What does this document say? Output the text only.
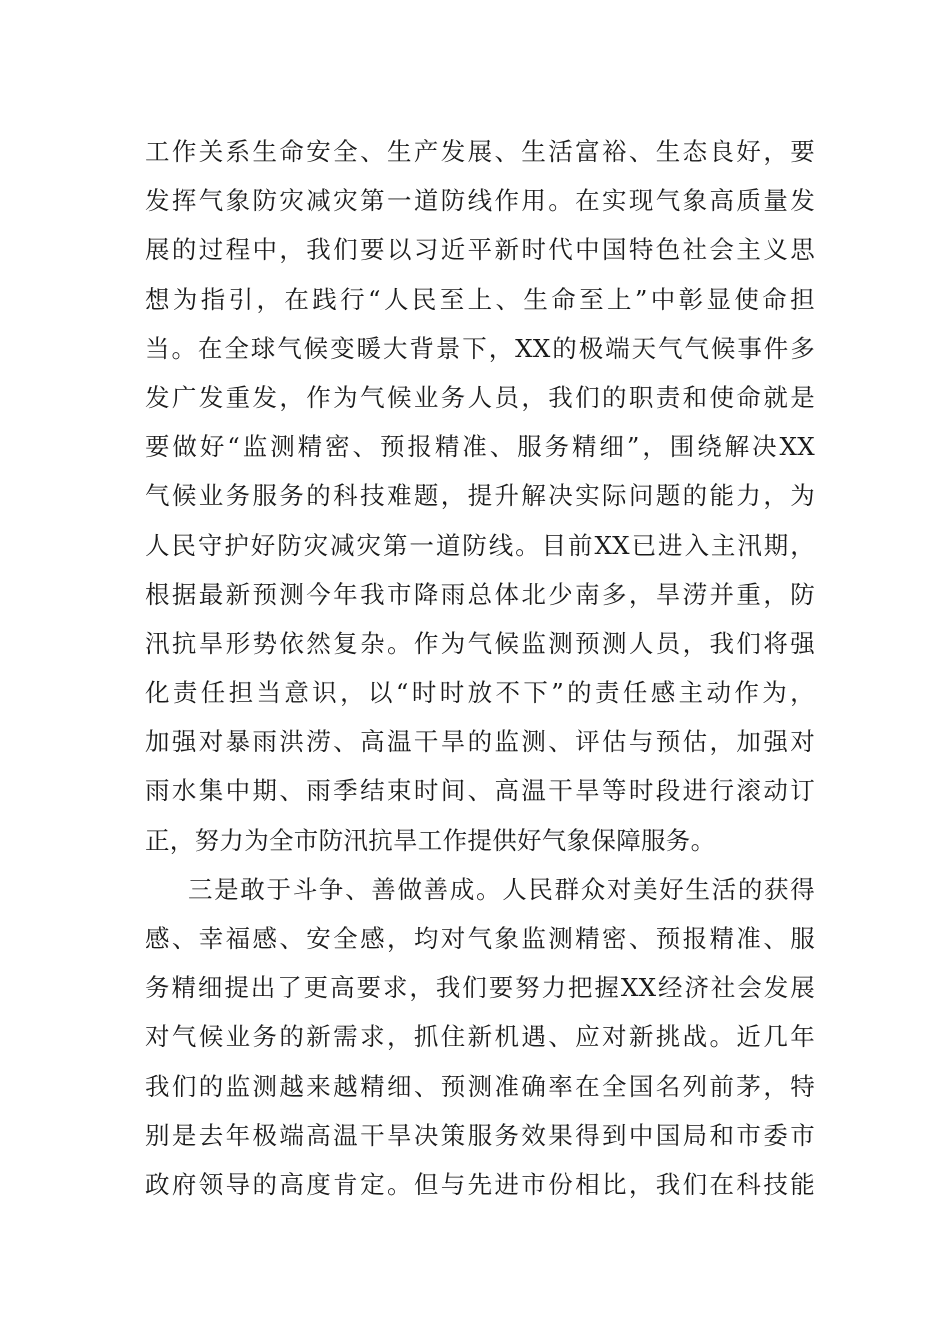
工作关系生命安全、生产发展、生活富裕、生态良好，要
发挥气象防灾减灾第一道防线作用。在实现气象高质量发
展的过程中，我们要以习近平新时代中国特色社会主义思
想为指引，在践行“人民至上、生命至上”中彰显使命担
当。在全球气候变暖大背景下，XX的极端天气气候事件多
发广发重发，作为气候业务人员，我们的职责和使命就是
要做好“监测精密、预报精准、服务精细”，围绕解决XX
气候业务服务的科技难题，提升解决实际问题的能力，为
人民守护好防灾减灾第一道防线。目前XX已进入主汛期，
根据最新预测今年我市降雨总体北少南多，旱涝并重，防
汛抗旱形势依然复杂。作为气候监测预测人员，我们将强
化责任担当意识，以“时时放不下”的责任感主动作为，
加强对暴雨洪涝、高温干旱的监测、评估与预估，加强对
雨水集中期、雨季结束时间、高温干旱等时段进行滚动订
正，努力为全市防汛抗旱工作提供好气象保障服务。
三是敢于斗争、善做善成。人民群众对美好生活的获得
感、幸福感、安全感，均对气象监测精密、预报精准、服
务精细提出了更高要求，我们要努力把握XX经济社会发展
对气候业务的新需求，抓住新机遇、应对新挑战。近几年
我们的监测越来越精细、预测准确率在全国名列前茅，特
别是去年极端高温干旱决策服务效果得到中国局和市委市
政府领导的高度肯定。但与先进市份相比，我们在科技能
